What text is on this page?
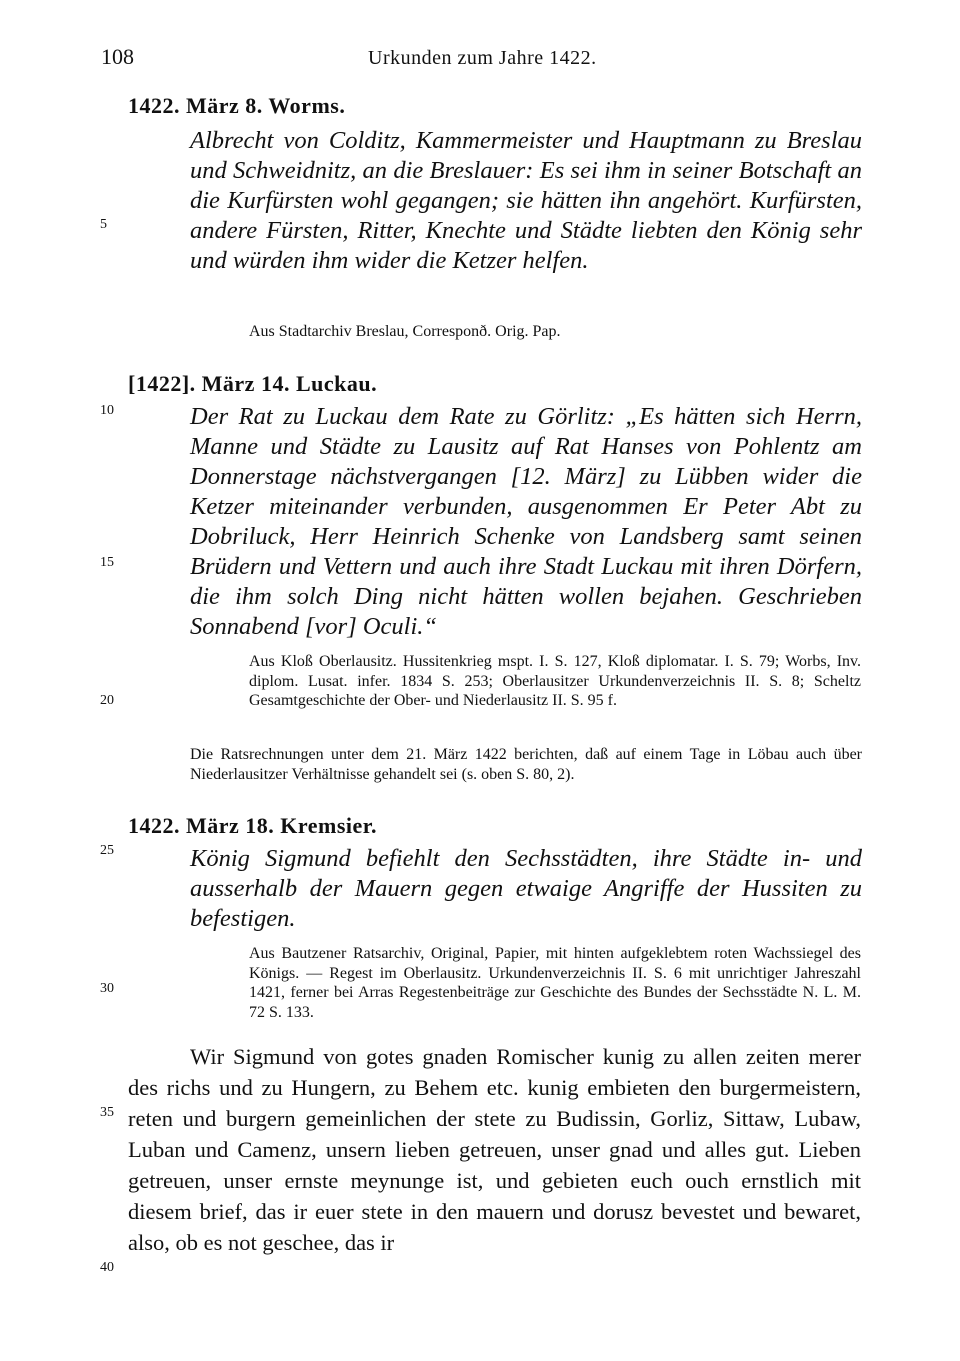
108	Urkunden zum Jahre 1422.
5
10
15
20
25
30
35
40
1422. März 8. Worms.
Albrecht von Colditz, Kammermeister und Hauptmann zu Breslau und Schweidnitz, an die Breslauer: Es sei ihm in seiner Botschaft an die Kurfürsten wohl gegangen; sie hätten ihn angehört. Kurfürsten, andere Fürsten, Ritter, Knechte und Städte liebten den König sehr und würden ihm wider die Ketzer helfen.
Aus Stadtarchiv Breslau, Corresponð. Orig. Pap.
[1422]. März 14. Luckau.
Der Rat zu Luckau dem Rate zu Görlitz: „Es hätten sich Herrn, Manne und Städte zu Lausitz auf Rat Hanses von Pohlentz am Donnerstage nächstvergangen [12. März] zu Lübben wider die Ketzer miteinander verbunden, ausgenommen Er Peter Abt zu Dobriluck, Herr Heinrich Schenke von Landsberg samt seinen Brüdern und Vettern und auch ihre Stadt Luckau mit ihren Dörfern, die ihm solch Ding nicht hätten wollen bejahen. Geschrieben Sonnabend [vor] Oculi.“
Aus Kloß Oberlausitz. Hussitenkrieg mspt. I. S. 127, Kloß diplomatar. I. S. 79; Worbs, Inv. diplom. Lusat. infer. 1834 S. 253; Oberlausitzer Urkundenverzeichnis II. S. 8; Scheltz Gesamtgeschichte der Ober- und Niederlausitz II. S. 95 f.
Die Ratsrechnungen unter dem 21. März 1422 berichten, daß auf einem Tage in Löbau auch über Niederlausitzer Verhältnisse gehandelt sei (s. oben S. 80, 2).
1422. März 18. Kremsier.
König Sigmund befiehlt den Sechsstädten, ihre Städte in- und ausserhalb der Mauern gegen etwaige Angriffe der Hussiten zu befestigen.
Aus Bautzener Ratsarchiv, Original, Papier, mit hinten aufgeklebtem roten Wachssiegel des Königs. — Regest im Oberlausitz. Urkundenverzeichnis II. S. 6 mit unrichtiger Jahreszahl 1421, ferner bei Arras Regestenbeiträge zur Geschichte des Bundes der Sechsstädte N. L. M. 72 S. 133.
Wir Sigmund von gotes gnaden Romischer kunig zu allen zeiten merer des richs und zu Hungern, zu Behem etc. kunig embieten den burgermeistern, reten und burgern gemeinlichen der stete zu Budissin, Gorliz, Sittaw, Lubaw, Luban und Camenz, unsern lieben getreuen, unser gnad und alles gut. Lieben getreuen, unser ernste meynunge ist, und gebieten euch ouch ernstlich mit diesem brief, das ir euer stete in den mauern und dorusz bevestet und bewaret, also, ob es not geschee, das ir
